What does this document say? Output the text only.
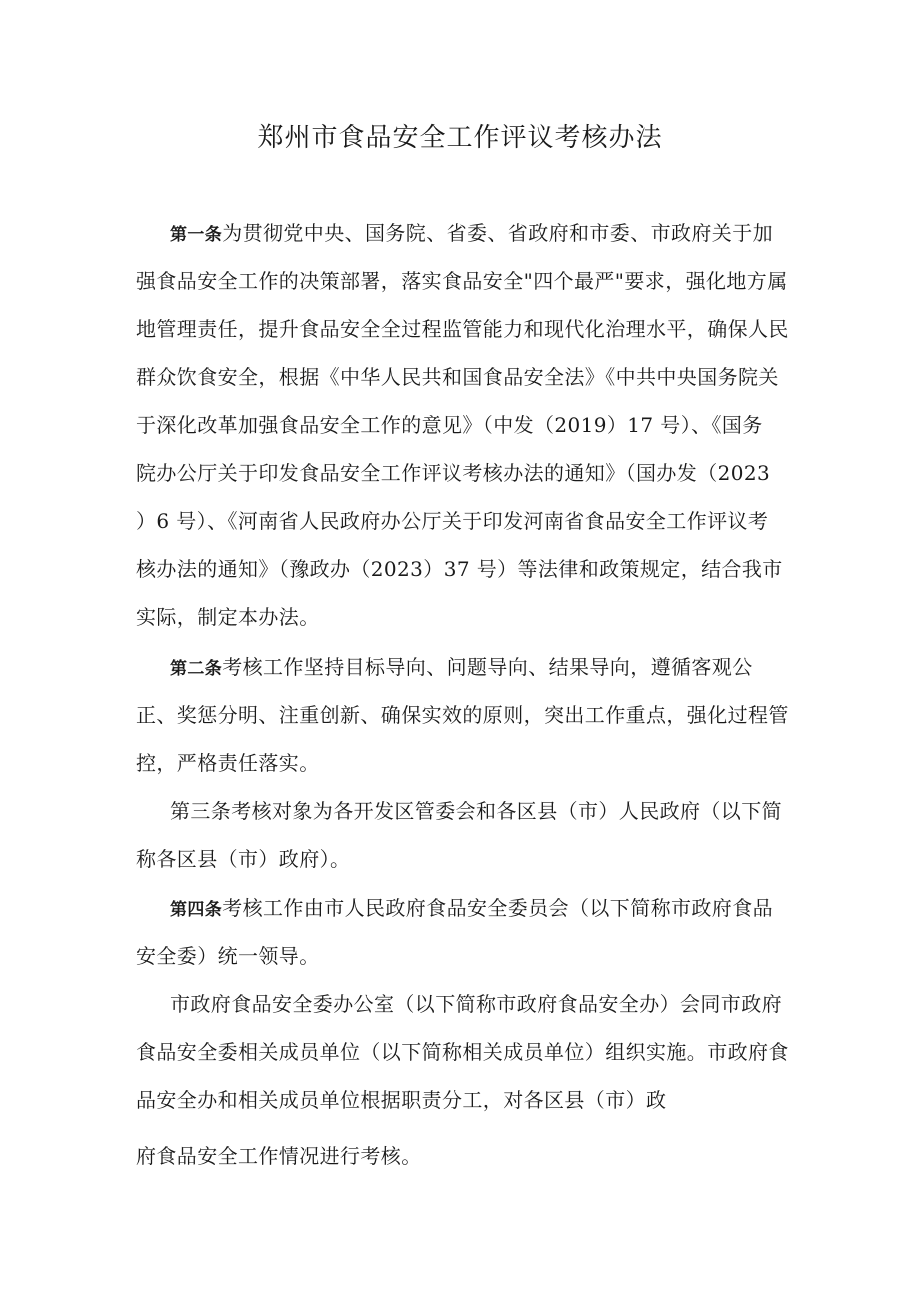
郑州市食品安全工作评议考核办法
第一条为贯彻党中央、国务院、省委、省政府和市委、市政府关于加
强食品安全工作的决策部署，落实食品安全"四个最严"要求，强化地方属
地管理责任，提升食品安全全过程监管能力和现代化治理水平，确保人民
群众饮食安全，根据《中华人民共和国食品安全法》《中共中央国务院关
于深化改革加强食品安全工作的意见》（中发（2019）17 号）、《国务
院办公厅关于印发食品安全工作评议考核办法的通知》（国办发（2023
）6 号）、《河南省人民政府办公厅关于印发河南省食品安全工作评议考
核办法的通知》（豫政办（2023）37 号）等法律和政策规定，结合我市
实际，制定本办法。
第二条考核工作坚持目标导向、问题导向、结果导向，遵循客观公
正、奖惩分明、注重创新、确保实效的原则，突出工作重点，强化过程管
控，严格责任落实。
第三条考核对象为各开发区管委会和各区县（市）人民政府（以下简
称各区县（市）政府）。
第四条考核工作由市人民政府食品安全委员会（以下简称市政府食品
安全委）统一领导。
市政府食品安全委办公室（以下简称市政府食品安全办）会同市政府
食品安全委相关成员单位（以下简称相关成员单位）组织实施。市政府食
品安全办和相关成员单位根据职责分工，对各区县（市）政
府食品安全工作情况进行考核。
